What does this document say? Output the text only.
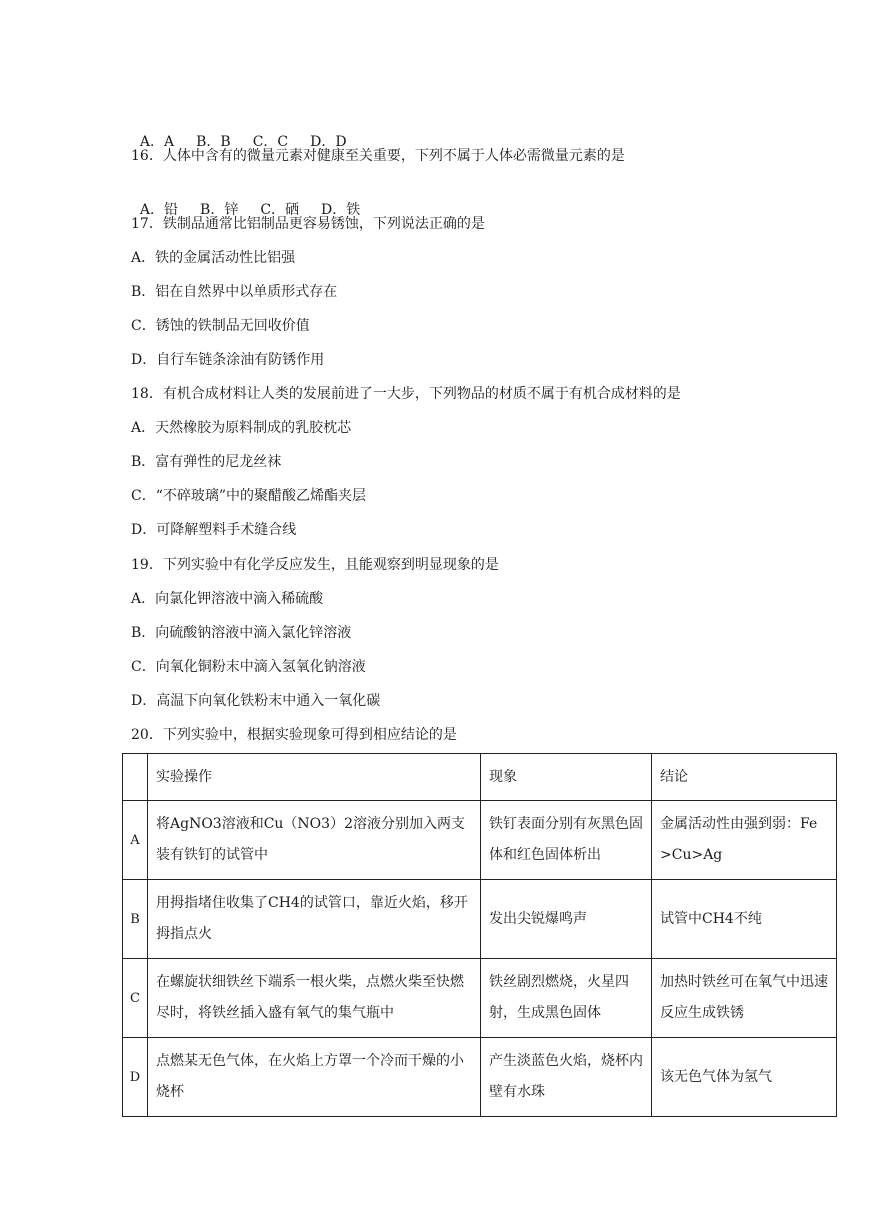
A．A B．B C．C D．D

16．人体中含有的微量元素对健康至关重要，下列不属于人体必需微量元素的是

A．铅 B．锌 C．硒 D．铁

17．铁制品通常比铝制品更容易锈蚀，下列说法正确的是
A．铁的金属活动性比铝强
B．铝在自然界中以单质形式存在
C．锈蚀的铁制品无回收价值
D．自行车链条涂油有防锈作用
18．有机合成材料让人类的发展前进了一大步，下列物品的材质不属于有机合成材料的是
A．天然橡胶为原料制成的乳胶枕芯
B．富有弹性的尼龙丝袜
C．“不碎玻璃”中的聚醋酸乙烯酯夹层
D．可降解塑料手术缝合线
19．下列实验中有化学反应发生，且能观察到明显现象的是
A．向氯化钾溶液中滴入稀硫酸
B．向硫酸钠溶液中滴入氯化锌溶液
C．向氧化铜粉末中滴入氢氧化钠溶液
D．高温下向氧化铁粉末中通入一氧化碳
20．下列实验中，根据实验现象可得到相应结论的是
	实验操作	现象	结论
A	将AgNO3溶液和Cu（NO3）2溶液分别加入两支装有铁钉的试管中	铁钉表面分别有灰黑色固体和红色固体析出	金属活动性由强到弱：Fe>Cu>Ag
B	用拇指堵住收集了CH4的试管口，靠近火焰，移开拇指点火	发出尖锐爆鸣声	试管中CH4不纯
C	在螺旋状细铁丝下端系一根火柴，点燃火柴至快燃尽时，将铁丝插入盛有氧气的集气瓶中	铁丝剧烈燃烧，火星四射，生成黑色固体	加热时铁丝可在氧气中迅速反应生成铁锈
D	点燃某无色气体，在火焰上方罩一个冷而干燥的小烧杯	产生淡蓝色火焰，烧杯内壁有水珠	该无色气体为氢气
